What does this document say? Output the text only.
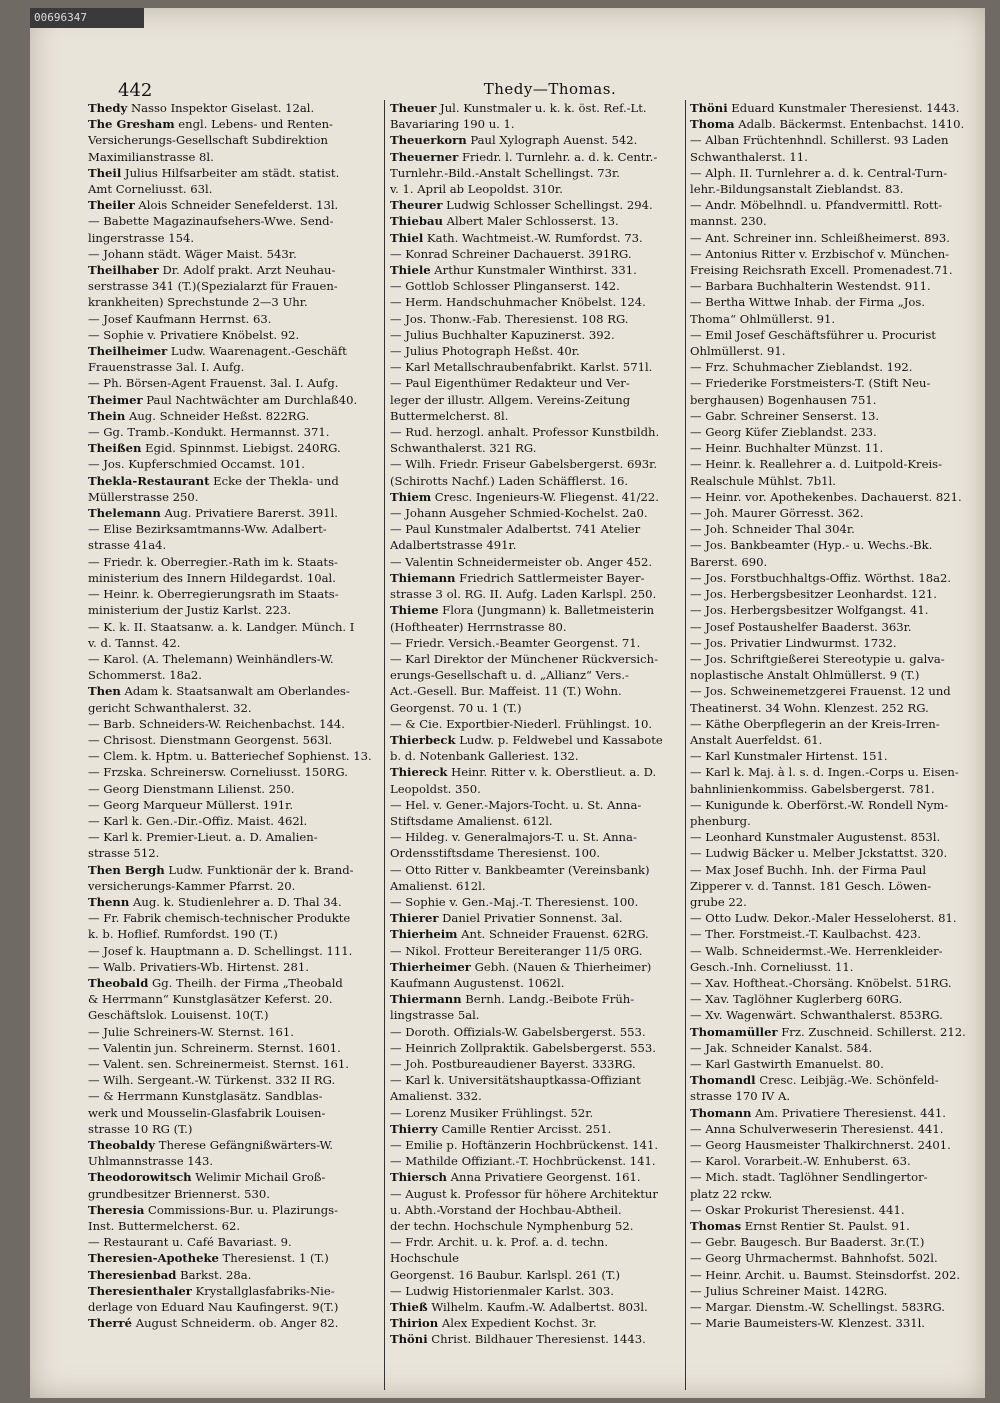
00696347
442	Thedy—Thomas.

Thedy Nasso Inspektor Giselast. 12al.

The Gresham engl. Lebens- und Renten-

Versicherungs-Gesellschaft Subdirektion

Maximilianstrasse 8l.

Theil Julius Hilfsarbeiter am städt. statist.

Amt Corneliusst. 63l.

Theiler Alois Schneider Senefelderst. 13l.

— Babette Magazinaufsehers-Wwe. Send-

lingerstrasse 154.

— Johann städt. Wäger Maist. 543r.

Theilhaber Dr. Adolf prakt. Arzt Neuhau-

serstrasse 341 (T.)(Spezialarzt für Frauen-

krankheiten) Sprechstunde 2—3 Uhr.

— Josef Kaufmann Herrnst. 63.

— Sophie v. Privatiere Knöbelst. 92.

Theilheimer Ludw. Waarenagent.-Geschäft

Frauenstrasse 3al. I. Aufg.

— Ph. Börsen-Agent Frauenst. 3al. I. Aufg.

Theimer Paul Nachtwächter am Durchlaß40.

Thein Aug. Schneider Heßst. 822RG.

— Gg. Tramb.-Kondukt. Hermannst. 371.

Theißen Egid. Spinnmst. Liebigst. 240RG.

— Jos. Kupferschmied Occamst. 101.

Thekla-Restaurant Ecke der Thekla- und

Müllerstrasse 250.

Thelemann Aug. Privatiere Barerst. 391l.

— Elise Bezirksamtmanns-Ww. Adalbert-

strasse 41a4.

— Friedr. k. Oberregier.-Rath im k. Staats-

ministerium des Innern Hildegardst. 10al.

— Heinr. k. Oberregierungsrath im Staats-

ministerium der Justiz Karlst. 223.

— K. k. II. Staatsanw. a. k. Landger. Münch. I

v. d. Tannst. 42.

— Karol. (A. Thelemann) Weinhändlers-W.

Schommerst. 18a2.

Then Adam k. Staatsanwalt am Oberlandes-

gericht Schwanthalerst. 32.

— Barb. Schneiders-W. Reichenbachst. 144.

— Chrisost. Dienstmann Georgenst. 563l.

— Clem. k. Hptm. u. Batteriechef Sophienst. 13.

— Frzska. Schreinersw. Corneliusst. 150RG.

— Georg Dienstmann Lilienst. 250.

— Georg Marqueur Müllerst. 191r.

— Karl k. Gen.-Dir.-Offiz. Maist. 462l.

— Karl k. Premier-Lieut. a. D. Amalien-

strasse 512.

Then Bergh Ludw. Funktionär der k. Brand-

versicherungs-Kammer Pfarrst. 20.

Thenn Aug. k. Studienlehrer a. D. Thal 34.

— Fr. Fabrik chemisch-technischer Produkte

k. b. Hoflief. Rumfordst. 190 (T.)

— Josef k. Hauptmann a. D. Schellingst. 111.

— Walb. Privatiers-Wb. Hirtenst. 281.

Theobald Gg. Theilh. der Firma „Theobald

& Herrmann“ Kunstglasätzer Keferst. 20.

Geschäftslok. Louisenst. 10(T.)

— Julie Schreiners-W. Sternst. 161.

— Valentin jun. Schreinerm. Sternst. 1601.

— Valent. sen. Schreinermeist. Sternst. 161.

— Wilh. Sergeant.-W. Türkenst. 332 II RG.

— & Herrmann Kunstglasätz. Sandblas-

werk und Mousselin-Glasfabrik Louisen-

strasse 10 RG (T.)

Theobaldy Therese Gefängnißwärters-W.

Uhlmannstrasse 143.

Theodorowitsch Welimir Michail Groß-

grundbesitzer Briennerst. 530.

Theresia Commissions-Bur. u. Plazirungs-

Inst. Buttermelcherst. 62.

— Restaurant u. Café Bavariast. 9.

Theresien-Apotheke Theresienst. 1 (T.)

Theresienbad Barkst. 28a.

Theresienthaler Krystallglasfabriks-Nie-

derlage von Eduard Nau Kaufingerst. 9(T.)

Therré August Schneiderm. ob. Anger 82.

Theuer Jul. Kunstmaler u. k. k. öst. Ref.-Lt.

Bavariaring 190 u. 1.

Theuerkorn Paul Xylograph Auenst. 542.

Theuerner Friedr. l. Turnlehr. a. d. k. Centr.-

Turnlehr.-Bild.-Anstalt Schellingst. 73r.

v. 1. April ab Leopoldst. 310r.

Theurer Ludwig Schlosser Schellingst. 294.

Thiebau Albert Maler Schlosserst. 13.

Thiel Kath. Wachtmeist.-W. Rumfordst. 73.

— Konrad Schreiner Dachauerst. 391RG.

Thiele Arthur Kunstmaler Winthirst. 331.

— Gottlob Schlosser Plinganserst. 142.

— Herm. Handschuhmacher Knöbelst. 124.

— Jos. Thonw.-Fab. Theresienst. 108 RG.

— Julius Buchhalter Kapuzinerst. 392.

— Julius Photograph Heßst. 40r.

— Karl Metallschraubenfabrikt. Karlst. 571l.

— Paul Eigenthümer Redakteur und Ver-

leger der illustr. Allgem. Vereins-Zeitung

Buttermelcherst. 8l.

— Rud. herzogl. anhalt. Professor Kunstbildh.

Schwanthalerst. 321 RG.

— Wilh. Friedr. Friseur Gabelsbergerst. 693r.

(Schirotts Nachf.) Laden Schäfflerst. 16.

Thiem Cresc. Ingenieurs-W. Fliegenst. 41/22.

— Johann Ausgeher Schmied-Kochelst. 2a0.

— Paul Kunstmaler Adalbertst. 741 Atelier

Adalbertstrasse 491r.

— Valentin Schneidermeister ob. Anger 452.

Thiemann Friedrich Sattlermeister Bayer-

strasse 3 ol. RG. II. Aufg. Laden Karlspl. 250.

Thieme Flora (Jungmann) k. Balletmeisterin

(Hoftheater) Herrnstrasse 80.

— Friedr. Versich.-Beamter Georgenst. 71.

— Karl Direktor der Münchener Rückversich-

erungs-Gesellschaft u. d. „Allianz“ Vers.-

Act.-Gesell. Bur. Maffeist. 11 (T.) Wohn.

Georgenst. 70 u. 1 (T.)

— & Cie. Exportbier-Niederl. Frühlingst. 10.

Thierbeck Ludw. p. Feldwebel und Kassabote

b. d. Notenbank Galleriest. 132.

Thiereck Heinr. Ritter v. k. Oberstlieut. a. D.

Leopoldst. 350.

— Hel. v. Gener.-Majors-Tocht. u. St. Anna-

Stiftsdame Amalienst. 612l.

— Hildeg. v. Generalmajors-T. u. St. Anna-

Ordensstiftsdame Theresienst. 100.

— Otto Ritter v. Bankbeamter (Vereinsbank)

Amalienst. 612l.

— Sophie v. Gen.-Maj.-T. Theresienst. 100.

Thierer Daniel Privatier Sonnenst. 3al.

Thierheim Ant. Schneider Frauenst. 62RG.

— Nikol. Frotteur Bereiteranger 11/5 0RG.

Thierheimer Gebh. (Nauen & Thierheimer)

Kaufmann Augustenst. 1062l.

Thiermann Bernh. Landg.-Beibote Früh-

lingstrasse 5al.

— Doroth. Offizials-W. Gabelsbergerst. 553.

— Heinrich Zollpraktik. Gabelsbergerst. 553.

— Joh. Postbureaudiener Bayerst. 333RG.

— Karl k. Universitätshauptkassa-Offiziant

Amalienst. 332.

— Lorenz Musiker Frühlingst. 52r.

Thierry Camille Rentier Arcisst. 251.

— Emilie p. Hoftänzerin Hochbrückenst. 141.

— Mathilde Offiziant.-T. Hochbrückenst. 141.

Thiersch Anna Privatiere Georgenst. 161.

— August k. Professor für höhere Architektur

u. Abth.-Vorstand der Hochbau-Abtheil.

der techn. Hochschule Nymphenburg 52.

— Frdr. Archit. u. k. Prof. a. d. techn. Hochschule

Georgenst. 16 Baubur. Karlspl. 261 (T.)

— Ludwig Historienmaler Karlst. 303.

Thieß Wilhelm. Kaufm.-W. Adalbertst. 803l.

Thirion Alex Expedient Kochst. 3r.

Thöni Christ. Bildhauer Theresienst. 1443.

Thöni Eduard Kunstmaler Theresienst. 1443.

Thoma Adalb. Bäckermst. Entenbachst. 1410.

— Alban Früchtenhndl. Schillerst. 93 Laden

Schwanthalerst. 11.

— Alph. II. Turnlehrer a. d. k. Central-Turn-

lehr.-Bildungsanstalt Zieblandst. 83.

— Andr. Möbelhndl. u. Pfandvermittl. Rott-

mannst. 230.

— Ant. Schreiner inn. Schleißheimerst. 893.

— Antonius Ritter v. Erzbischof v. München-

Freising Reichsrath Excell. Promenadest.71.

— Barbara Buchhalterin Westendst. 911.

— Bertha Wittwe Inhab. der Firma „Jos.

Thoma“ Ohlmüllerst. 91.

— Emil Josef Geschäftsführer u. Procurist

Ohlmüllerst. 91.

— Frz. Schuhmacher Zieblandst. 192.

— Friederike Forstmeisters-T. (Stift Neu-

berghausen) Bogenhausen 751.

— Gabr. Schreiner Senserst. 13.

— Georg Küfer Zieblandst. 233.

— Heinr. Buchhalter Münzst. 11.

— Heinr. k. Reallehrer a. d. Luitpold-Kreis-

Realschule Mühlst. 7b1l.

— Heinr. vor. Apothekenbes. Dachauerst. 821.

— Joh. Maurer Görresst. 362.

— Joh. Schneider Thal 304r.

— Jos. Bankbeamter (Hyp.- u. Wechs.-Bk.

Barerst. 690.

— Jos. Forstbuchhaltgs-Offiz. Wörthst. 18a2.

— Jos. Herbergsbesitzer Leonhardst. 121.

— Jos. Herbergsbesitzer Wolfgangst. 41.

— Josef Postaushelfer Baaderst. 363r.

— Jos. Privatier Lindwurmst. 1732.

— Jos. Schriftgießerei Stereotypie u. galva-

noplastische Anstalt Ohlmüllerst. 9 (T.)

— Jos. Schweinemetzgerei Frauenst. 12 und

Theatinerst. 34 Wohn. Klenzest. 252 RG.

— Käthe Oberpflegerin an der Kreis-Irren-

Anstalt Auerfeldst. 61.

— Karl Kunstmaler Hirtenst. 151.

— Karl k. Maj. à l. s. d. Ingen.-Corps u. Eisen-

bahnlinienkommiss. Gabelsbergerst. 781.

— Kunigunde k. Oberförst.-W. Rondell Nym-

phenburg.

— Leonhard Kunstmaler Augustenst. 853l.

— Ludwig Bäcker u. Melber Jckstattst. 320.

— Max Josef Buchh. Inh. der Firma Paul

Zipperer v. d. Tannst. 181 Gesch. Löwen-

grube 22.

— Otto Ludw. Dekor.-Maler Hesseloherst. 81.

— Ther. Forstmeist.-T. Kaulbachst. 423.

— Walb. Schneidermst.-We. Herrenkleider-

Gesch.-Inh. Corneliusst. 11.

— Xav. Hoftheat.-Chorsäng. Knöbelst. 51RG.

— Xav. Taglöhner Kuglerberg 60RG.

— Xv. Wagenwärt. Schwanthalerst. 853RG.

Thomamüller Frz. Zuschneid. Schillerst. 212.

— Jak. Schneider Kanalst. 584.

— Karl Gastwirth Emanuelst. 80.

Thomandl Cresc. Leibjäg.-We. Schönfeld-

strasse 170 IV A.

Thomann Am. Privatiere Theresienst. 441.

— Anna Schulverweserin Theresienst. 441.

— Georg Hausmeister Thalkirchnerst. 2401.

— Karol. Vorarbeit.-W. Enhuberst. 63.

— Mich. stadt. Taglöhner Sendlingertor-

platz 22 rckw.

— Oskar Prokurist Theresienst. 441.

Thomas Ernst Rentier St. Paulst. 91.

— Gebr. Baugesch. Bur Baaderst. 3r.(T.)

— Georg Uhrmachermst. Bahnhofst. 502l.

— Heinr. Archit. u. Baumst. Steinsdorfst. 202.

— Julius Schreiner Maist. 142RG.

— Margar. Dienstm.-W. Schellingst. 583RG.

— Marie Baumeisters-W. Klenzest. 331l.
